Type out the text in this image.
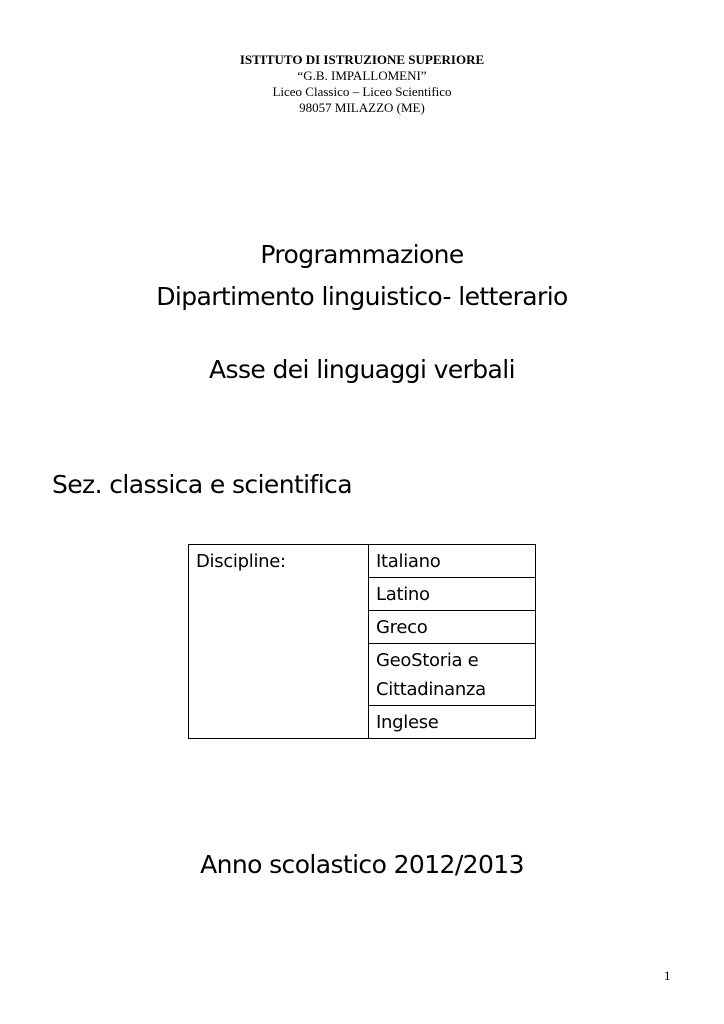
ISTITUTO DI ISTRUZIONE SUPERIORE
“G.B. IMPALLOMENI”
Liceo Classico – Liceo Scientifico
98057 MILAZZO (ME)
Programmazione
Dipartimento linguistico- letterario
Asse dei linguaggi verbali
Sez. classica e scientifica
Discipline:	Italiano
Latino
Greco
GeoStoria e Cittadinanza
Inglese
Anno scolastico 2012/2013
1
